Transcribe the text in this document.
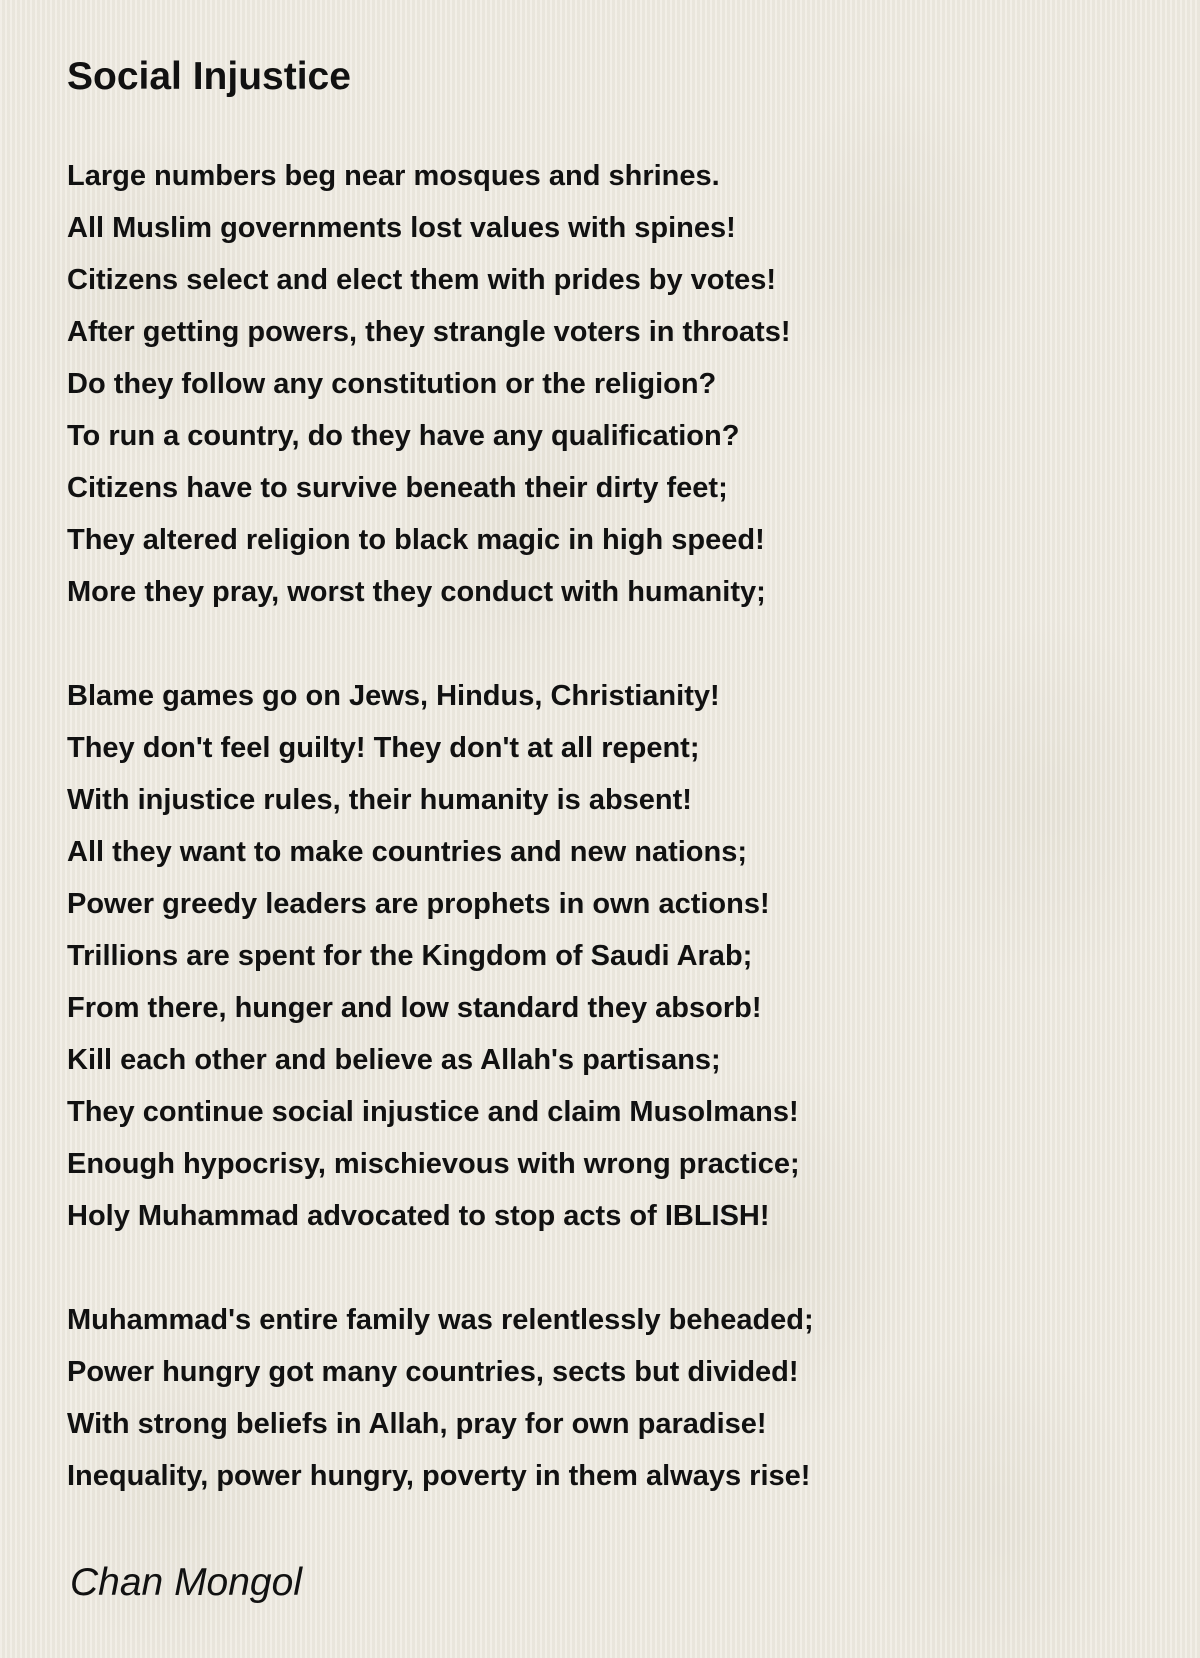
Social Injustice
Large numbers beg near mosques and shrines.
All Muslim governments lost values with spines!
Citizens select and elect them with prides by votes!
After getting powers, they strangle voters in throats!
Do they follow any constitution or the religion?
To run a country, do they have any qualification?
Citizens have to survive beneath their dirty feet;
They altered religion to black magic in high speed!
More they pray, worst they conduct with humanity;
Blame games go on Jews, Hindus, Christianity!
They don't feel guilty! They don't at all repent;
With injustice rules, their humanity is absent!
All they want to make countries and new nations;
Power greedy leaders are prophets in own actions!
Trillions are spent for the Kingdom of Saudi Arab;
From there, hunger and low standard they absorb!
Kill each other and believe as Allah's partisans;
They continue social injustice and claim Musolmans!
Enough hypocrisy, mischievous with wrong practice;
Holy Muhammad advocated to stop acts of IBLISH!
Muhammad's entire family was relentlessly beheaded;
Power hungry got many countries, sects but divided!
With strong beliefs in Allah, pray for own paradise!
Inequality, power hungry, poverty in them always rise!
Chan Mongol
